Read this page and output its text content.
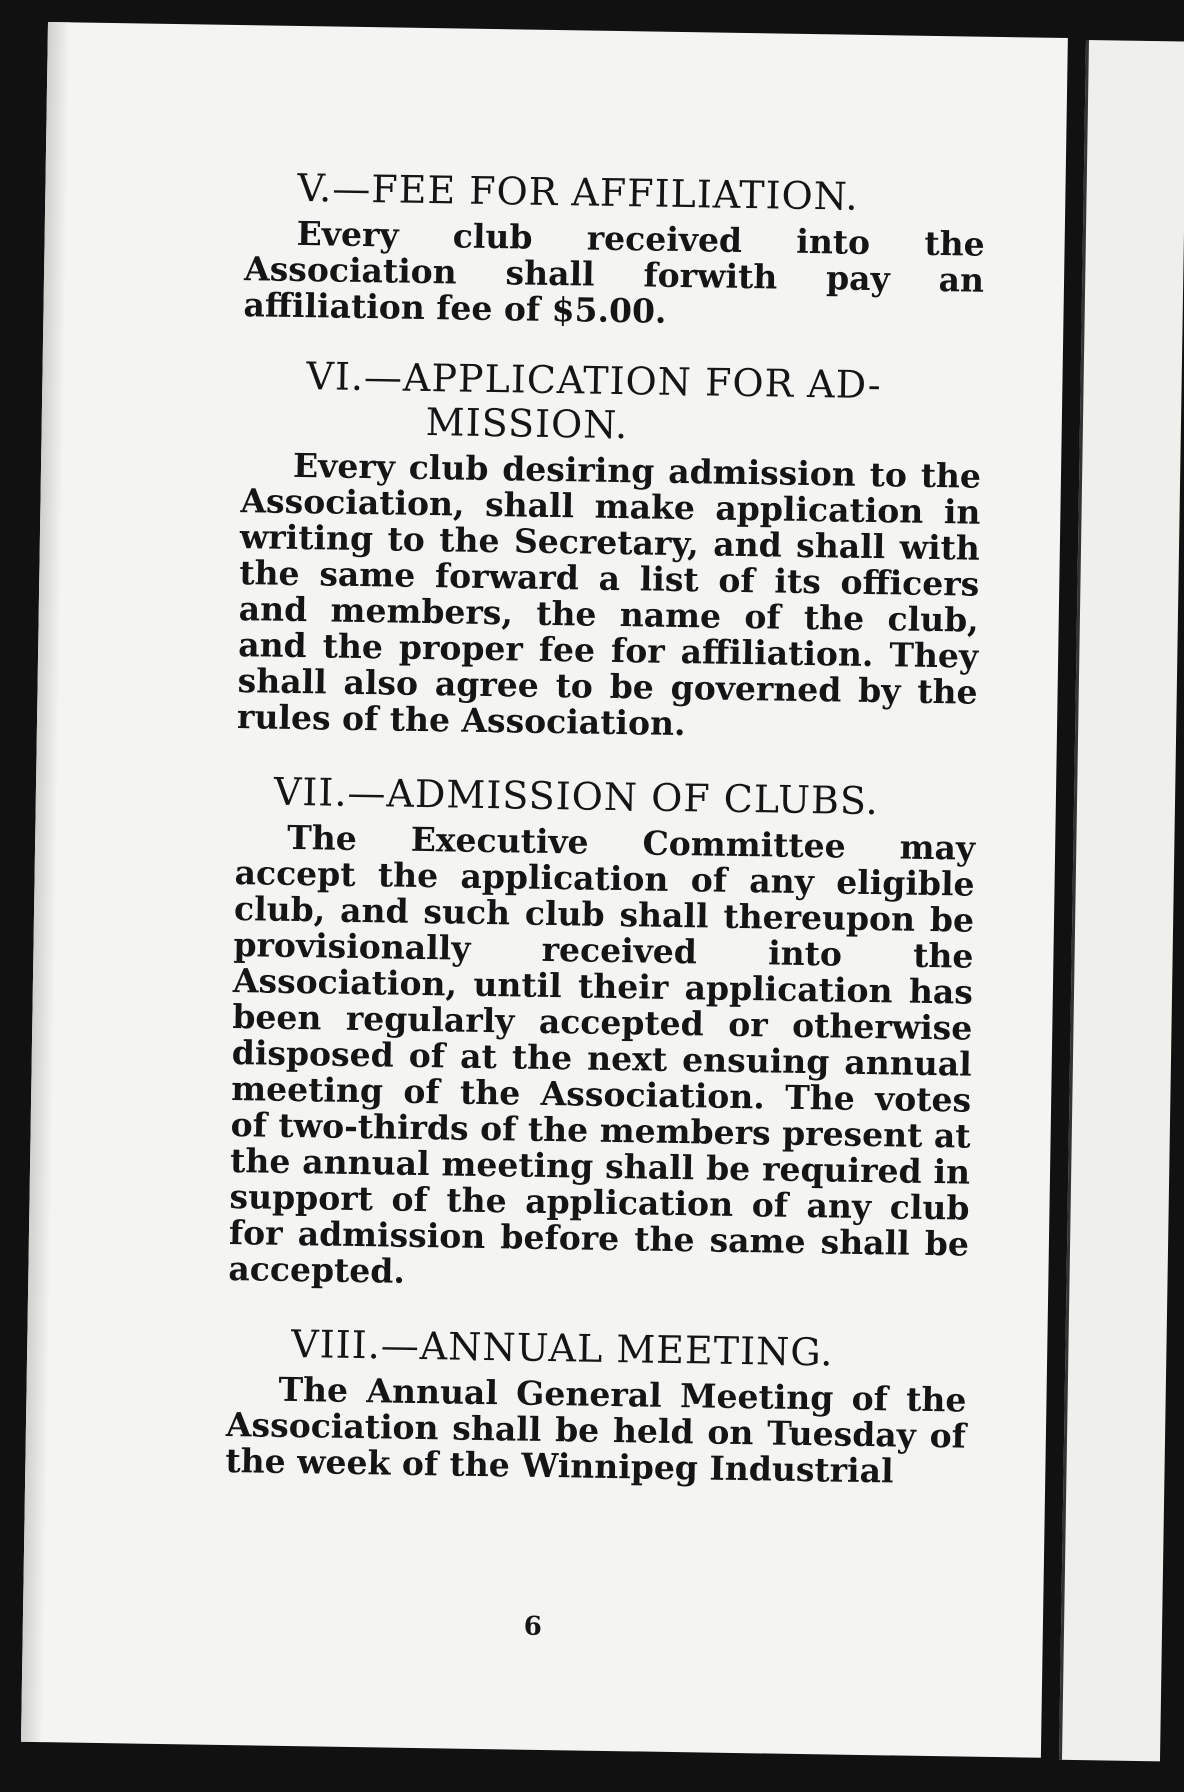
V.—FEE FOR AFFILIATION.

Every club received into the Association shall forwith pay an affiliation fee of $5.00.

VI.—APPLICATION FOR AD-
MISSION.

Every club desiring admission to the Association, shall make application in writing to the Secretary, and shall with the same forward a list of its officers and members, the name of the club, and the proper fee for affiliation. They shall also agree to be governed by the rules of the Association.

VII.—ADMISSION OF CLUBS.

The Executive Committee may accept the application of any eligible club, and such club shall thereupon be provisionally received into the Association, until their application has been regularly accepted or otherwise disposed of at the next ensuing annual meeting of the Association. The votes of two-thirds of the members present at the annual meeting shall be required in support of the application of any club for admission before the same shall be accepted.

VIII.—ANNUAL MEETING.

The Annual General Meeting of the Association shall be held on Tuesday of the week of the Winnipeg Industrial

6
